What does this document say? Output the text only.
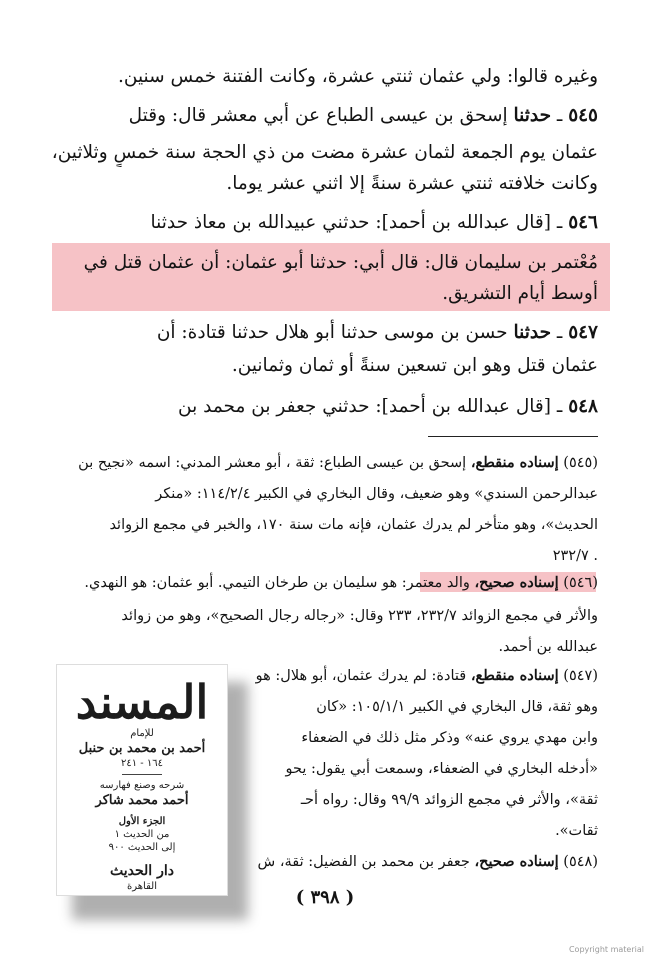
وغيره قالوا: ولي عثمان ثنتي عشرة، وكانت الفتنة خمس سنين.
٥٤٥ ـ حدثنا إسحق بن عيسى الطباع عن أبي معشر قال: وقتل
عثمان يوم الجمعة لثمان عشرة مضت من ذي الحجة سنة خمسٍ وثلاثين،
وكانت خلافته ثنتي عشرة سنةً إلا اثني عشر يوما.
٥٤٦ ـ [قال عبدالله بن أحمد]: حدثني عبيدالله بن معاذ حدثنا
مُعْتمر بن سليمان قال: قال أبي: حدثنا أبو عثمان: أن عثمان قتل في
أوسط أيام التشريق.
٥٤٧ ـ حدثنا حسن بن موسى حدثنا أبو هلال حدثنا قتادة: أن
عثمان قتل وهو ابن تسعين سنةً أو ثمان وثمانين.
٥٤٨ ـ [قال عبدالله بن أحمد]: حدثني جعفر بن محمد بن
(٥٤٥) إسناده منقطع، إسحق بن عيسى الطباع: ثقة ، أبو معشر المدني: اسمه «نجيح بن
عبدالرحمن السندي» وهو ضعيف، وقال البخاري في الكبير ١١٤/٢/٤: «منكر
الحديث»، وهو متأخر لم يدرك عثمان، فإنه مات سنة ١٧٠، والخبر في مجمع الزوائد
٢٣٢/٧ .
(٥٤٦) إسناده صحيح، والد معتمر: هو سليمان بن طرخان التيمي. أبو عثمان: هو النهدي.
والأثر في مجمع الزوائد ٢٣٢/٧، ٢٣٣ وقال: «رجاله رجال الصحيح»، وهو من زوائد
عبدالله بن أحمد.
(٥٤٧) إسناده منقطع، قتادة: لم يدرك عثمان، أبو هلال: هو
وهو ثقة، قال البخاري في الكبير ١٠٥/١/١: «كان
وابن مهدي يروي عنه» وذكر مثل ذلك في الضعفاء
«أدخله البخاري في الضعفاء، وسمعت أبي يقول: يحو
ثقة»، والأثر في مجمع الزوائد ٩٩/٩ وقال: رواه أحـ
ثقات».
(٥٤٨) إسناده صحيح، جعفر بن محمد بن الفضيل: ثقة، ش
( ٣٩٨ )
المسند
للإمام
أحمد بن محمد بن حنبل
١٦٤ - ٢٤١
شرحه وصنع فهارسه
أحمد محمد شاكر
الجزء الأول
من الحديث ١
إلى الحديث ٩٠٠
دار الحديث
القاهرة
Copyright material
